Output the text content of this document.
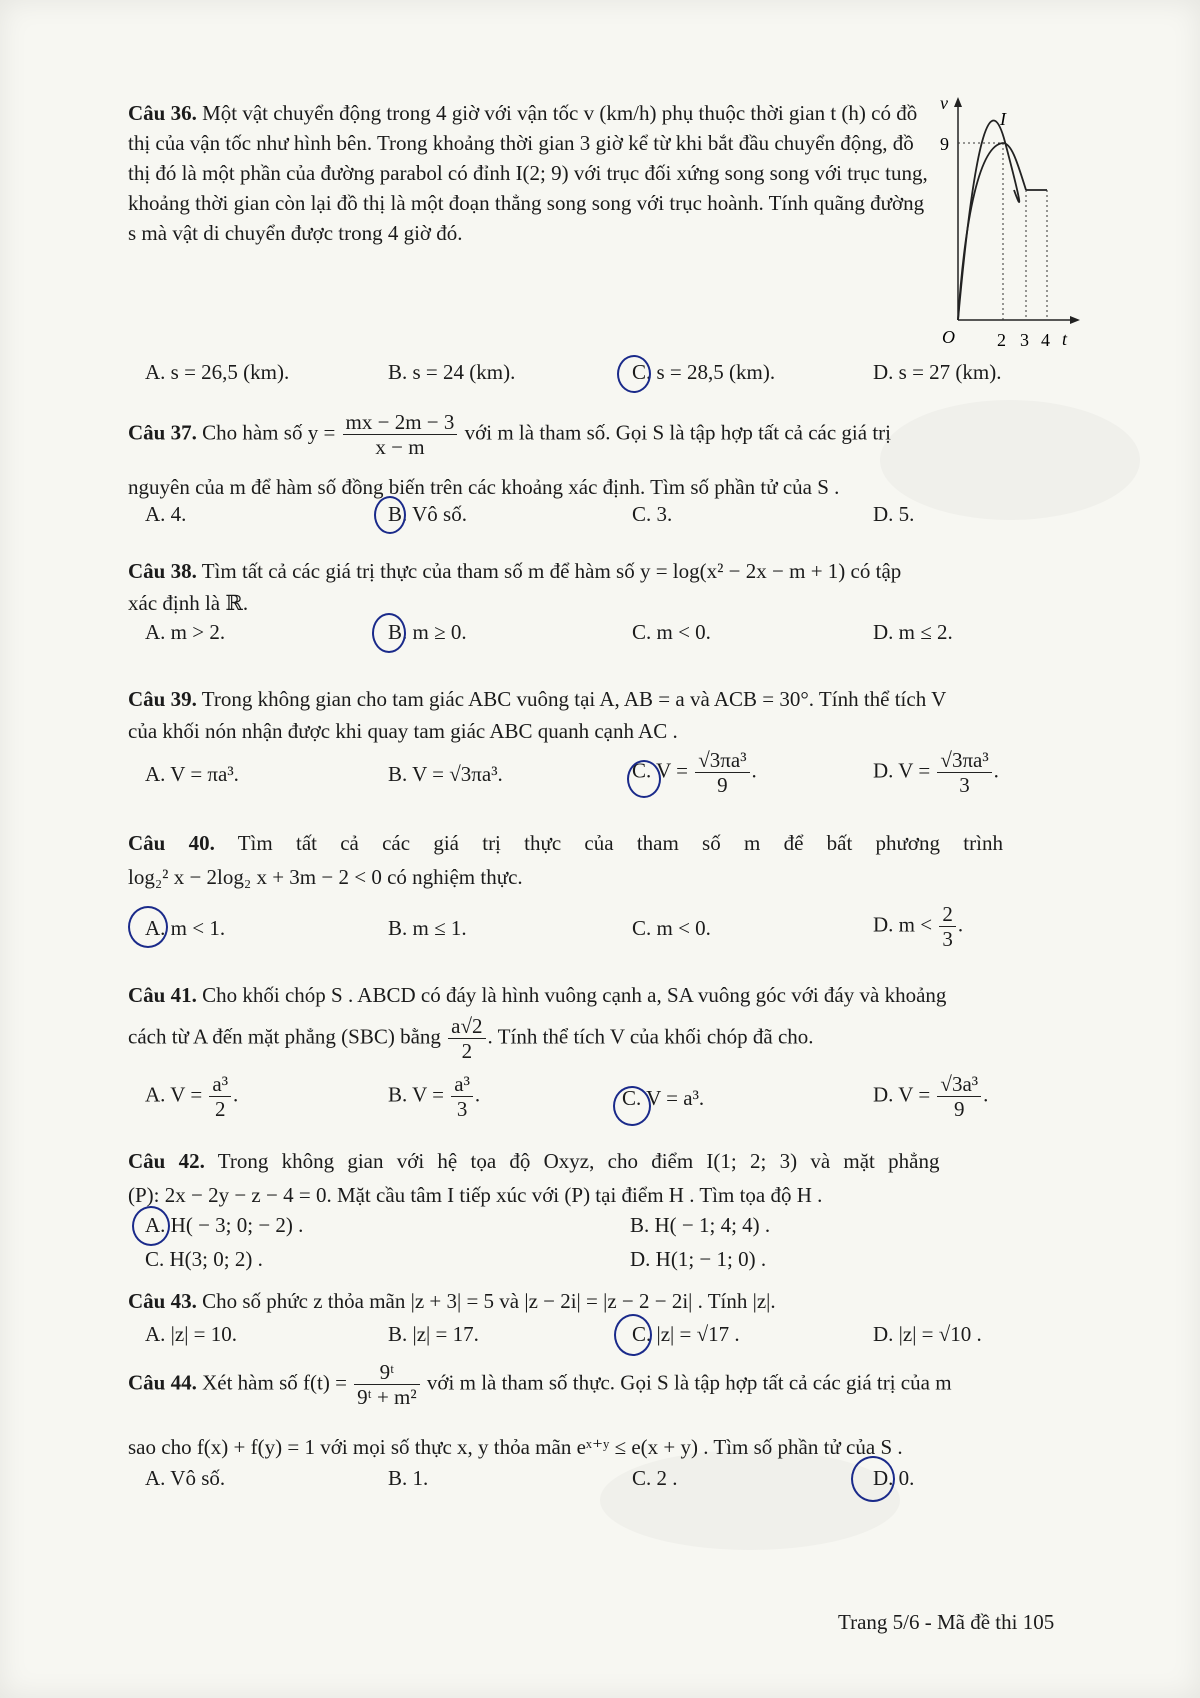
Câu 36. Một vật chuyển động trong 4 giờ với vận tốc v (km/h) phụ thuộc thời gian t (h) có đồ thị của vận tốc như hình bên. Trong khoảng thời gian 3 giờ kể từ khi bắt đầu chuyển động, đồ thị đó là một phần của đường parabol có đỉnh I(2; 9) với trục đối xứng song song với trục tung, khoảng thời gian còn lại đồ thị là một đoạn thẳng song song với trục hoành. Tính quãng đường s mà vật di chuyển được trong 4 giờ đó.
v
9
I
O 2 3 4 t
A. s = 26,5 (km).	B. s = 24 (km).	C. s = 28,5 (km).	D. s = 27 (km).
Câu 37. Cho hàm số $y = \frac{mx - 2m - 3}{x - m}$ với m là tham số. Gọi S là tập hợp tất cả các giá trị
nguyên của m để hàm số đồng biến trên các khoảng xác định. Tìm số phần tử của S .
A. 4.	B. Vô số.	C. 3.	D. 5.
Câu 38. Tìm tất cả các giá trị thực của tham số m để hàm số y = log(x² − 2x − m + 1) có tập
xác định là ℝ.
A. m > 2.	B. m ≥ 0.	C. m < 0.	D. m ≤ 2.
Câu 39. Trong không gian cho tam giác ABC vuông tại A, AB = a và ACB = 30°. Tính thể tích V
của khối nón nhận được khi quay tam giác ABC quanh cạnh AC .
A. V = πa³.	B. V = √3πa³.	C. $V = \frac{\text{√3πa³}}{9}$ .	D. $V = \frac{\text{√3πa³}}{3}$ .
Câu 40. Tìm tất cả các giá trị thực của tham số m để bất phương trình
log₂² x − 2log₂ x + 3m − 2 < 0 có nghiệm thực.
A. m < 1.	B. m ≤ 1.	C. m < 0.	D. $m < \frac{2}{3}$ .
Câu 41. Cho khối chóp S . ABCD có đáy là hình vuông cạnh a, SA vuông góc với đáy và khoảng
cách từ A đến mặt phẳng (SBC) bằng $\frac{a√2}{2}$ . Tính thể tích V của khối chóp đã cho.
A. $V = \frac{\text{a³}}{2}$ .	B. $V = \frac{\text{a³}}{3}$ .	C. V = a³.	D. $V = \frac{\text{√3a³}}{9}$ .
Câu 42. Trong không gian với hệ tọa độ Oxyz, cho điểm I(1; 2; 3) và mặt phẳng
(P): 2x − 2y − z − 4 = 0. Mặt cầu tâm I tiếp xúc với (P) tại điểm H . Tìm tọa độ H .
A. H( − 3; 0; − 2) .	B. H( − 1; 4; 4) .
C. H(3; 0; 2) .	D. H(1; − 1; 0) .
Câu 43. Cho số phức z thỏa mãn |z + 3| = 5 và |z − 2i| = |z − 2 − 2i| . Tính |z|.
A. |z| = 10.	B. |z| = 17.	C. |z| = √17 .	D. |z| = √10 .
Câu 44. Xét hàm số $f(t) = \frac{\text{9ᵗ}}{\text{9ᵗ + m²}}$ với m là tham số thực. Gọi S là tập hợp tất cả các giá trị của m
sao cho f(x) + f(y) = 1 với mọi số thực x, y thỏa mãn eˣ⁺ʸ ≤ e(x + y) . Tìm số phần tử của S .
A. Vô số.	B. 1.	C. 2 .	D. 0.
Trang 5/6 - Mã đề thi 105
